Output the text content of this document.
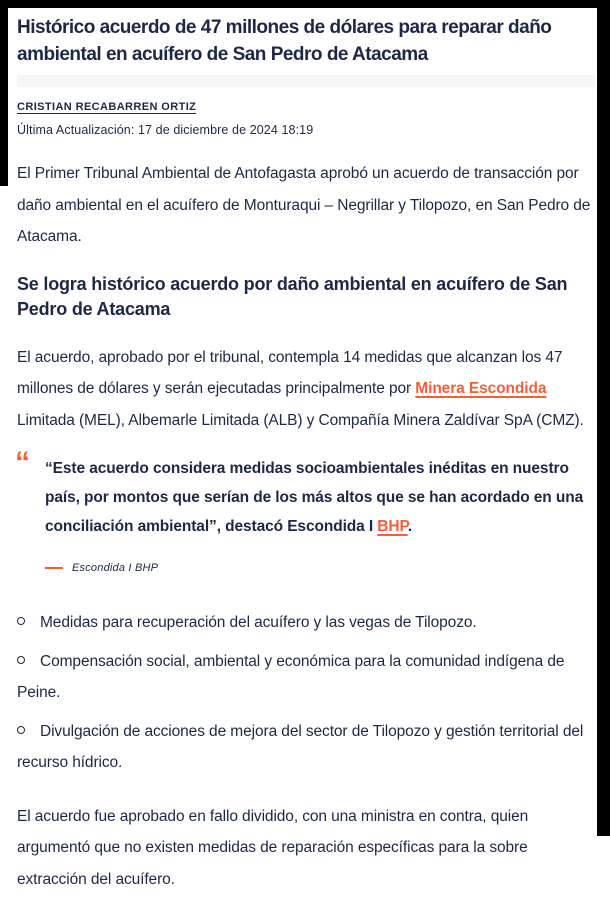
Histórico acuerdo de 47 millones de dólares para reparar daño ambiental en acuífero de San Pedro de Atacama
CRISTIAN RECABARREN ORTIZ
Última Actualización: 17 de diciembre de 2024 18:19

El Primer Tribunal Ambiental de Antofagasta aprobó un acuerdo de transacción por daño ambiental en el acuífero de Monturaqui – Negrillar y Tilopozo, en San Pedro de Atacama.

Se logra histórico acuerdo por daño ambiental en acuífero de San Pedro de Atacama

El acuerdo, aprobado por el tribunal, contempla 14 medidas que alcanzan los 47 millones de dólares y serán ejecutadas principalmente por Minera Escondida Limitada (MEL), Albemarle Limitada (ALB) y Compañía Minera Zaldívar SpA (CMZ).

“ “Este acuerdo considera medidas socioambientales inéditas en nuestro país, por montos que serían de los más altos que se han acordado en una conciliación ambiental”, destacó Escondida I BHP.

Escondida I BHP
Medidas para recuperación del acuífero y las vegas de Tilopozo.
Compensación social, ambiental y económica para la comunidad indígena de Peine.
Divulgación de acciones de mejora del sector de Tilopozo y gestión territorial del recurso hídrico.

El acuerdo fue aprobado en fallo dividido, con una ministra en contra, quien argumentó que no existen medidas de reparación específicas para la sobre extracción del acuífero.
